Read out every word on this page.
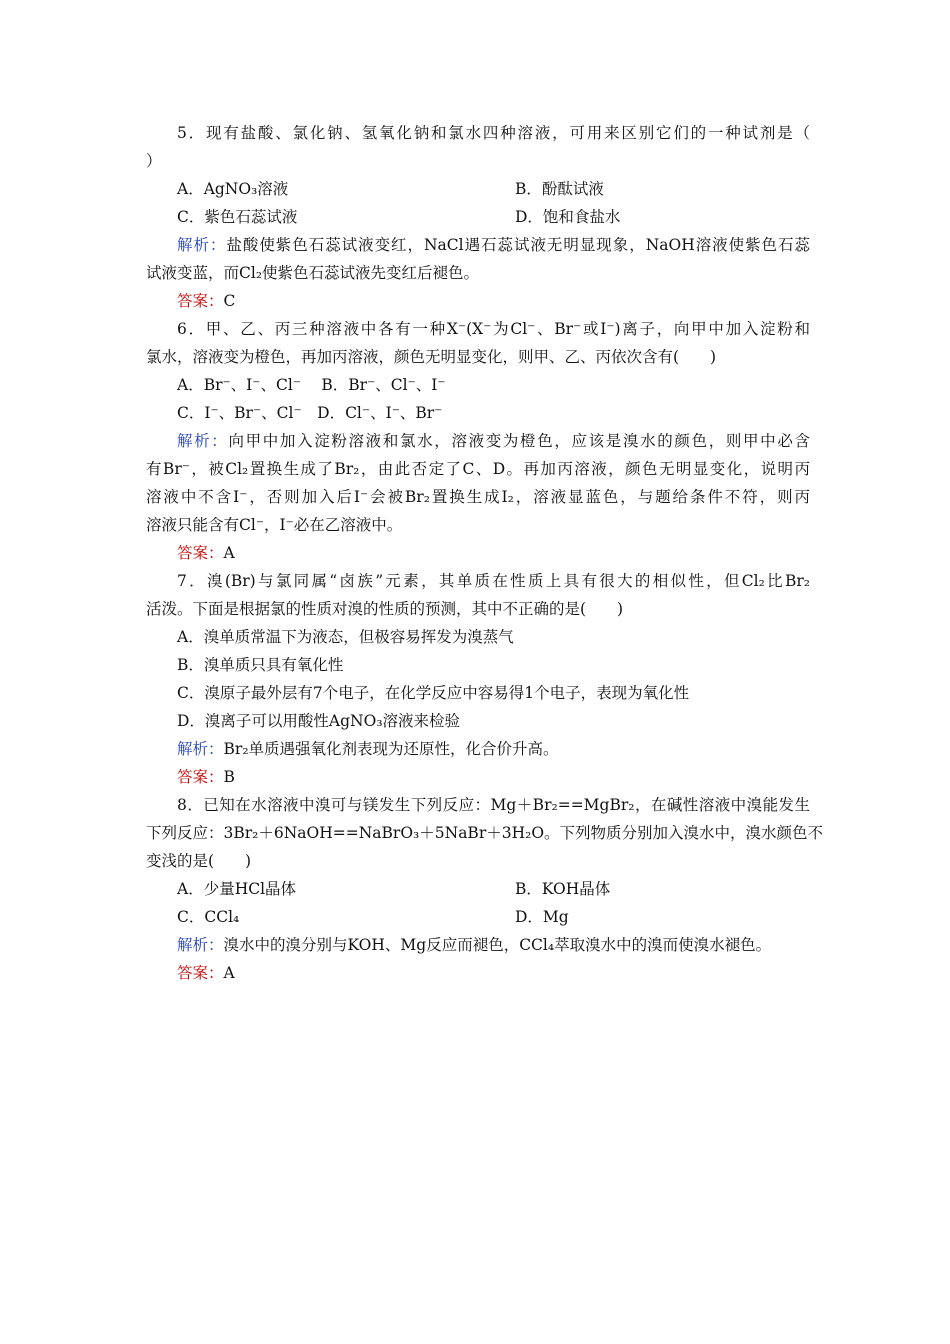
5．现有盐酸、氯化钠、氢氧化钠和氯水四种溶液，可用来区别它们的一种试剂是（
）
A．AgNO₃溶液	B．酚酞试液
C．紫色石蕊试液	D．饱和食盐水
解析：盐酸使紫色石蕊试液变红，NaCl遇石蕊试液无明显现象，NaOH溶液使紫色石蕊
试液变蓝，而Cl₂使紫色石蕊试液先变红后褪色。
答案：C
6．甲、乙、丙三种溶液中各有一种X⁻(X⁻为Cl⁻、Br⁻或I⁻)离子，向甲中加入淀粉和
氯水，溶液变为橙色，再加丙溶液，颜色无明显变化，则甲、乙、丙依次含有(　　)
A．Br⁻、I⁻、Cl⁻　 B．Br⁻、Cl⁻、I⁻
C．I⁻、Br⁻、Cl⁻　D．Cl⁻、I⁻、Br⁻
解析：向甲中加入淀粉溶液和氯水，溶液变为橙色，应该是溴水的颜色，则甲中必含
有Br⁻，被Cl₂置换生成了Br₂，由此否定了C、D。再加丙溶液，颜色无明显变化，说明丙
溶液中不含I⁻，否则加入后I⁻会被Br₂置换生成I₂，溶液显蓝色，与题给条件不符，则丙
溶液只能含有Cl⁻，I⁻必在乙溶液中。
答案：A
7．溴(Br)与氯同属“卤族”元素，其单质在性质上具有很大的相似性，但Cl₂比Br₂
活泼。下面是根据氯的性质对溴的性质的预测，其中不正确的是(　　)
A．溴单质常温下为液态，但极容易挥发为溴蒸气
B．溴单质只具有氧化性
C．溴原子最外层有7个电子，在化学反应中容易得1个电子，表现为氧化性
D．溴离子可以用酸性AgNO₃溶液来检验
解析：Br₂单质遇强氧化剂表现为还原性，化合价升高。
答案：B
8．已知在水溶液中溴可与镁发生下列反应：Mg＋Br₂==MgBr₂，在碱性溶液中溴能发生
下列反应：3Br₂＋6NaOH==NaBrO₃＋5NaBr＋3H₂O。下列物质分别加入溴水中，溴水颜色不
变浅的是(　　)
A．少量HCl晶体	B．KOH晶体
C．CCl₄	D．Mg
解析：溴水中的溴分别与KOH、Mg反应而褪色，CCl₄萃取溴水中的溴而使溴水褪色。
答案：A
